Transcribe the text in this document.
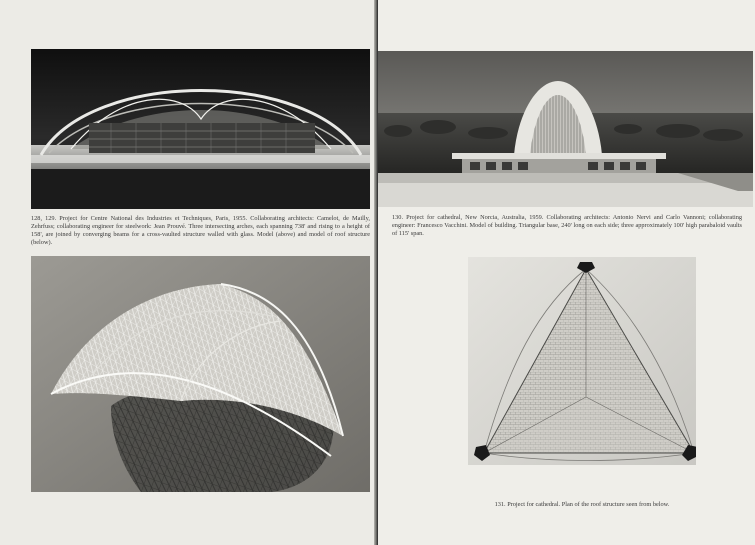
128, 129. Project for Centre National des Industries et Techniques, Paris, 1955. Collaborating architects: Camelot, de Mailly, Zehrfuss; collaborating engineer for steelwork: Jean Prouvé. Three intersecting arches, each spanning 738' and rising to a height of 158', are joined by converging beams for a cross-vaulted structure walled with glass. Model (above) and model of roof structure (below).

130. Project for cathedral, New Norcia, Australia, 1959. Collaborating architects: Antonio Nervi and Carlo Vannoni; collaborating engineer: Francesco Vacchini. Model of building. Triangular base, 240' long on each side; three approximately 100' high parabaloid vaults of 115' span.

131. Project for cathedral. Plan of the roof structure seen from below.
